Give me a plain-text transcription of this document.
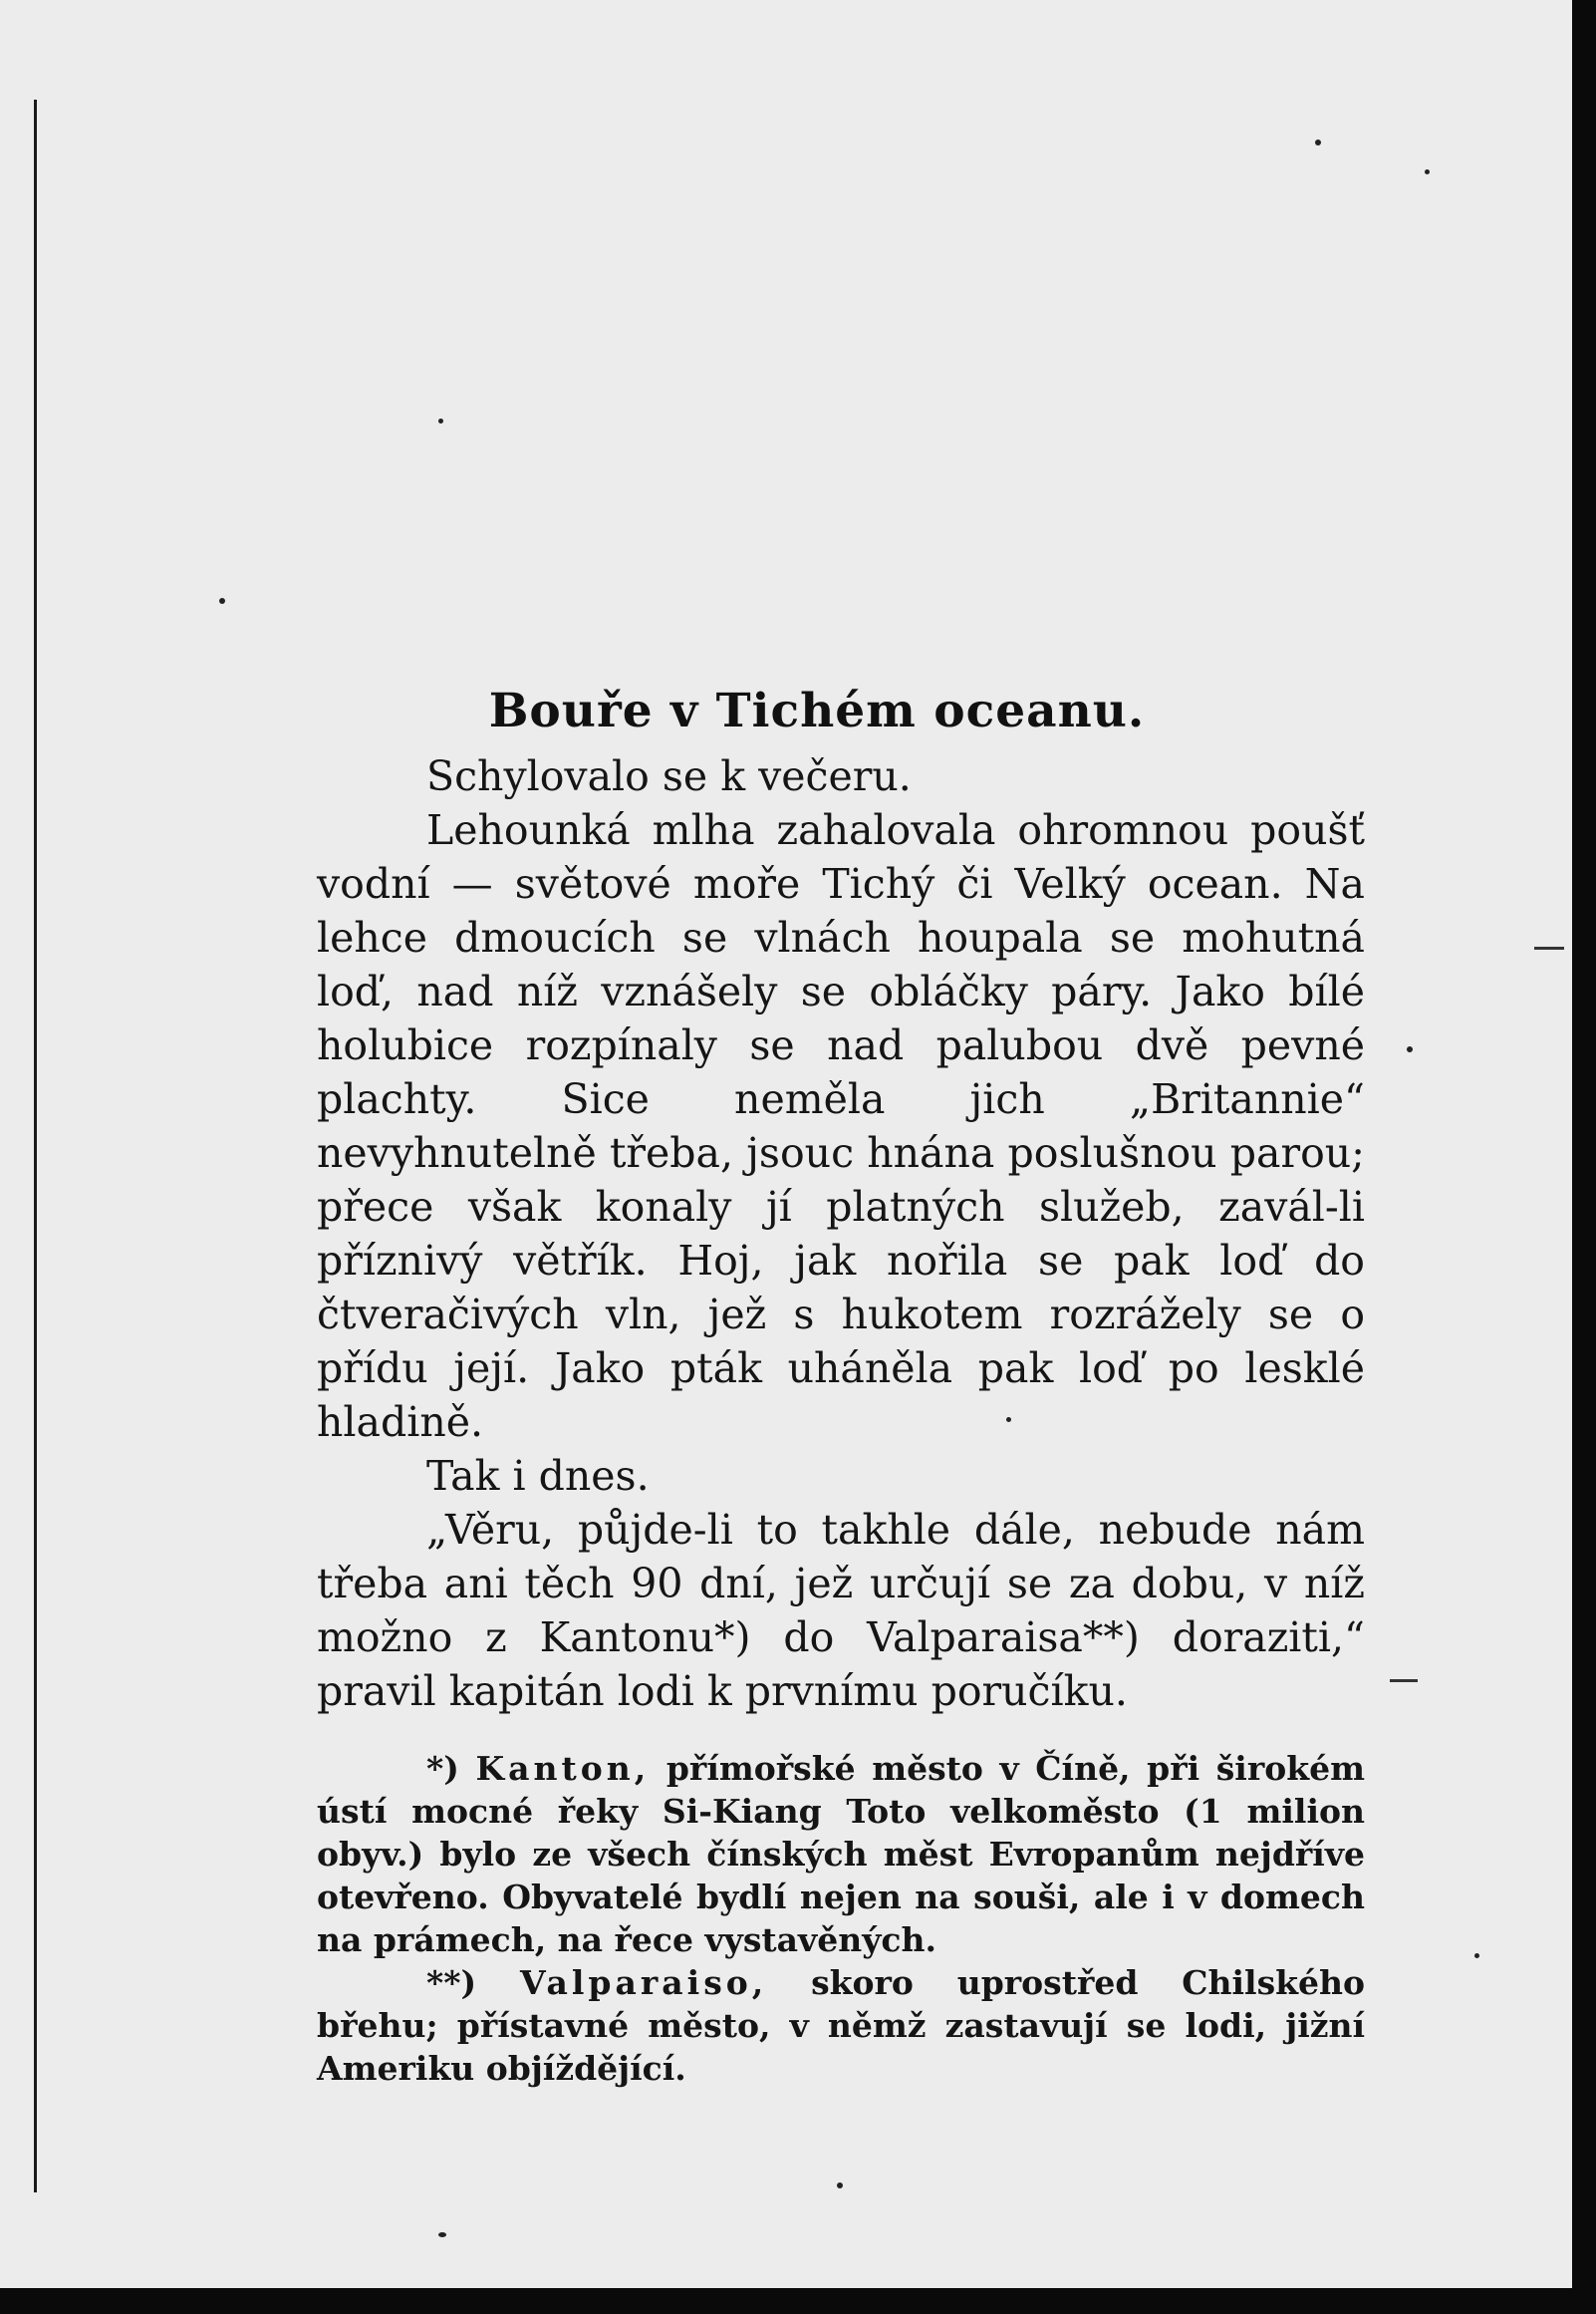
Bouře v Tichém oceanu.

Schylovalo se k večeru.

Lehounká mlha zahalovala ohromnou poušť vodní — světové moře Tichý či Velký ocean. Na lehce dmoucích se vlnách houpala se mohutná loď, nad níž vznášely se obláčky páry. Jako bílé holubice rozpínaly se nad palubou dvě pevné plachty. Sice neměla jich „Britannie“ nevyhnutelně třeba, jsouc hnána poslušnou parou; přece však konaly jí platných služeb, zavál-li příznivý větřík. Hoj, jak nořila se pak loď do čtveračivých vln, jež s hukotem rozrážely se o přídu její. Jako pták uháněla pak loď po lesklé hladině.

Tak i dnes.

„Věru, půjde-li to takhle dále, nebude nám třeba ani těch 90 dní, jež určují se za dobu, v níž možno z Kantonu*) do Valparaisa**) doraziti,“ pravil kapitán lodi k prvnímu poručíku.

*) Kanton, přímořské město v Číně, při širokém ústí mocné řeky Si-Kiang Toto velkoměsto (1 milion obyv.) bylo ze všech čínských měst Evropanům nejdříve otevřeno. Obyvatelé bydlí nejen na souši, ale i v domech na prámech, na řece vystavěných.

**) Valparaiso, skoro uprostřed Chilského břehu; přístavné město, v němž zastavují se lodi, jižní Ameriku objíždějící.
